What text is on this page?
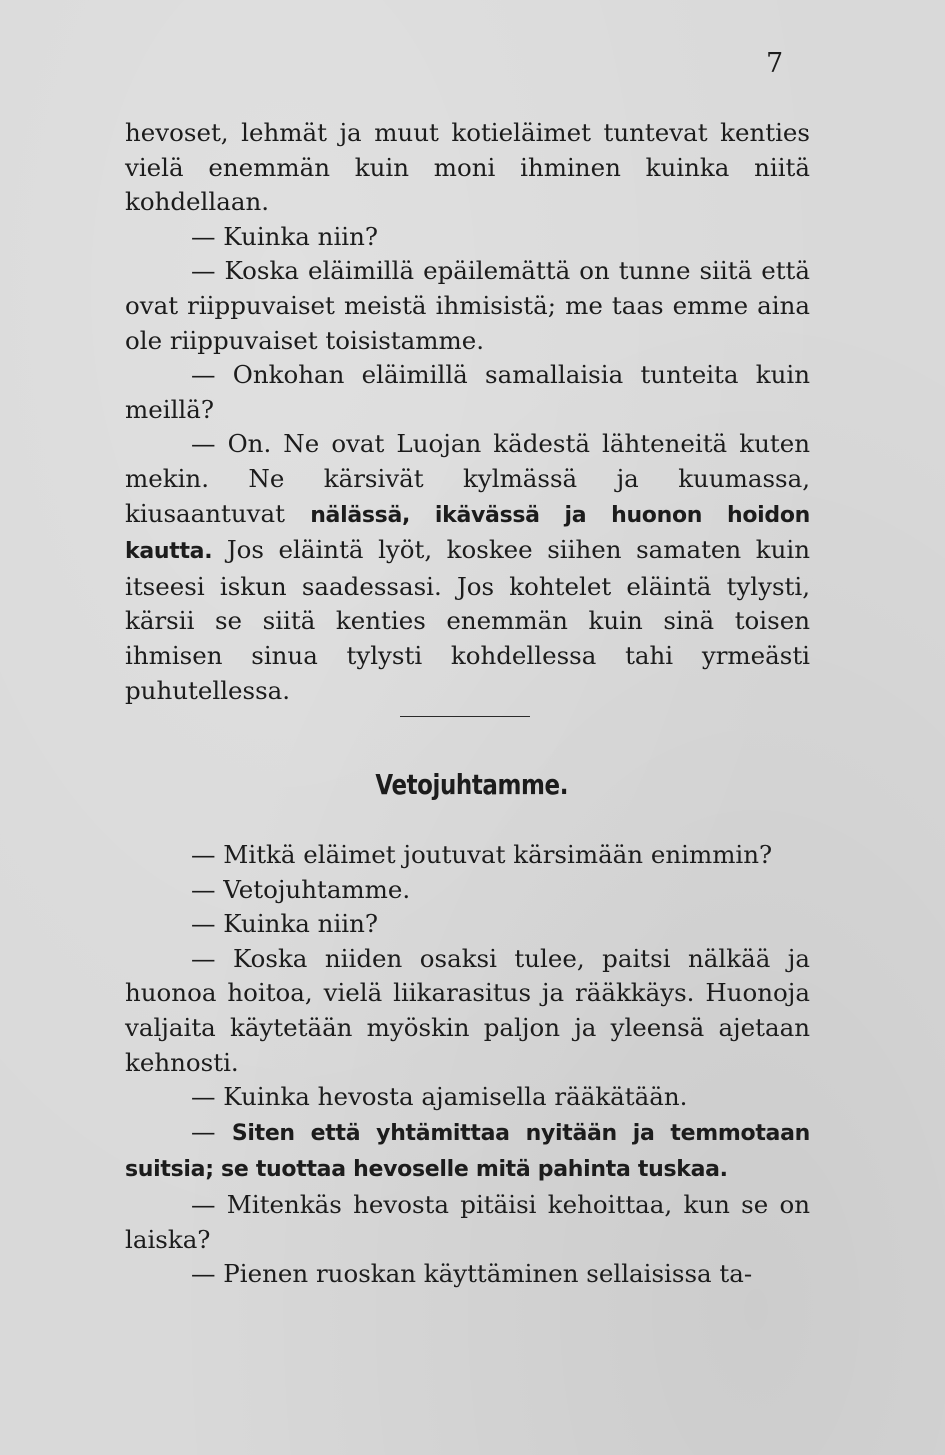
7

hevoset, lehmät ja muut kotieläimet tuntevat kenties vielä enemmän kuin moni ihminen kuinka niitä kohdellaan.

— Kuinka niin?

— Koska eläimillä epäilemättä on tunne siitä että ovat riippuvaiset meistä ihmisistä; me taas emme aina ole riippuvaiset toisistamme.

— Onkohan eläimillä samallaisia tunteita kuin meillä?

— On. Ne ovat Luojan kädestä lähteneitä kuten mekin. Ne kärsivät kylmässä ja kuumassa, kiusaantuvat nälässä, ikävässä ja huonon hoidon kautta. Jos eläintä lyöt, koskee siihen samaten kuin itseesi iskun saadessasi. Jos kohtelet eläintä tylysti, kärsii se siitä kenties enemmän kuin sinä toisen ihmisen sinua tylysti kohdellessa tahi yrmeästi puhutellessa.

Vetojuhtamme.

— Mitkä eläimet joutuvat kärsimään enimmin?

— Vetojuhtamme.

— Kuinka niin?

— Koska niiden osaksi tulee, paitsi nälkää ja huonoa hoitoa, vielä liikarasitus ja rääkkäys. Huonoja valjaita käytetään myöskin paljon ja yleensä ajetaan kehnosti.

— Kuinka hevosta ajamisella rääkätään.

— Siten että yhtämittaa nyitään ja temmotaan suitsia; se tuottaa hevoselle mitä pahinta tuskaa.

— Mitenkäs hevosta pitäisi kehoittaa, kun se on laiska?

— Pienen ruoskan käyttäminen sellaisissa ta-
